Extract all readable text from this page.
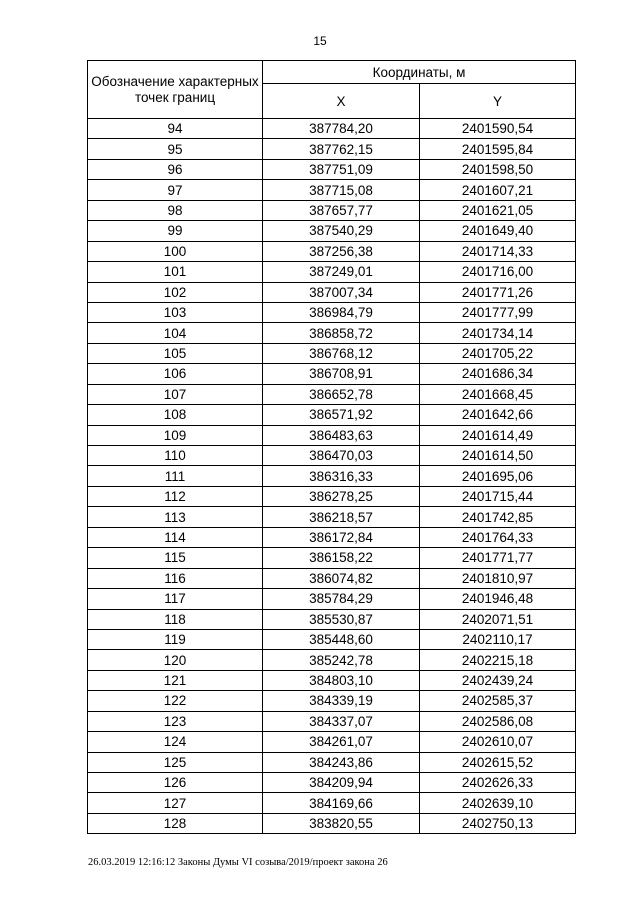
15
Обозначение характерных точек границ	Координаты, м	
	X	Y
94	387784,20	2401590,54
95	387762,15	2401595,84
96	387751,09	2401598,50
97	387715,08	2401607,21
98	387657,77	2401621,05
99	387540,29	2401649,40
100	387256,38	2401714,33
101	387249,01	2401716,00
102	387007,34	2401771,26
103	386984,79	2401777,99
104	386858,72	2401734,14
105	386768,12	2401705,22
106	386708,91	2401686,34
107	386652,78	2401668,45
108	386571,92	2401642,66
109	386483,63	2401614,49
110	386470,03	2401614,50
111	386316,33	2401695,06
112	386278,25	2401715,44
113	386218,57	2401742,85
114	386172,84	2401764,33
115	386158,22	2401771,77
116	386074,82	2401810,97
117	385784,29	2401946,48
118	385530,87	2402071,51
119	385448,60	2402110,17
120	385242,78	2402215,18
121	384803,10	2402439,24
122	384339,19	2402585,37
123	384337,07	2402586,08
124	384261,07	2402610,07
125	384243,86	2402615,52
126	384209,94	2402626,33
127	384169,66	2402639,10
128	383820,55	2402750,13
26.03.2019 12:16:12 Законы Думы VI созыва/2019/проект закона 26
